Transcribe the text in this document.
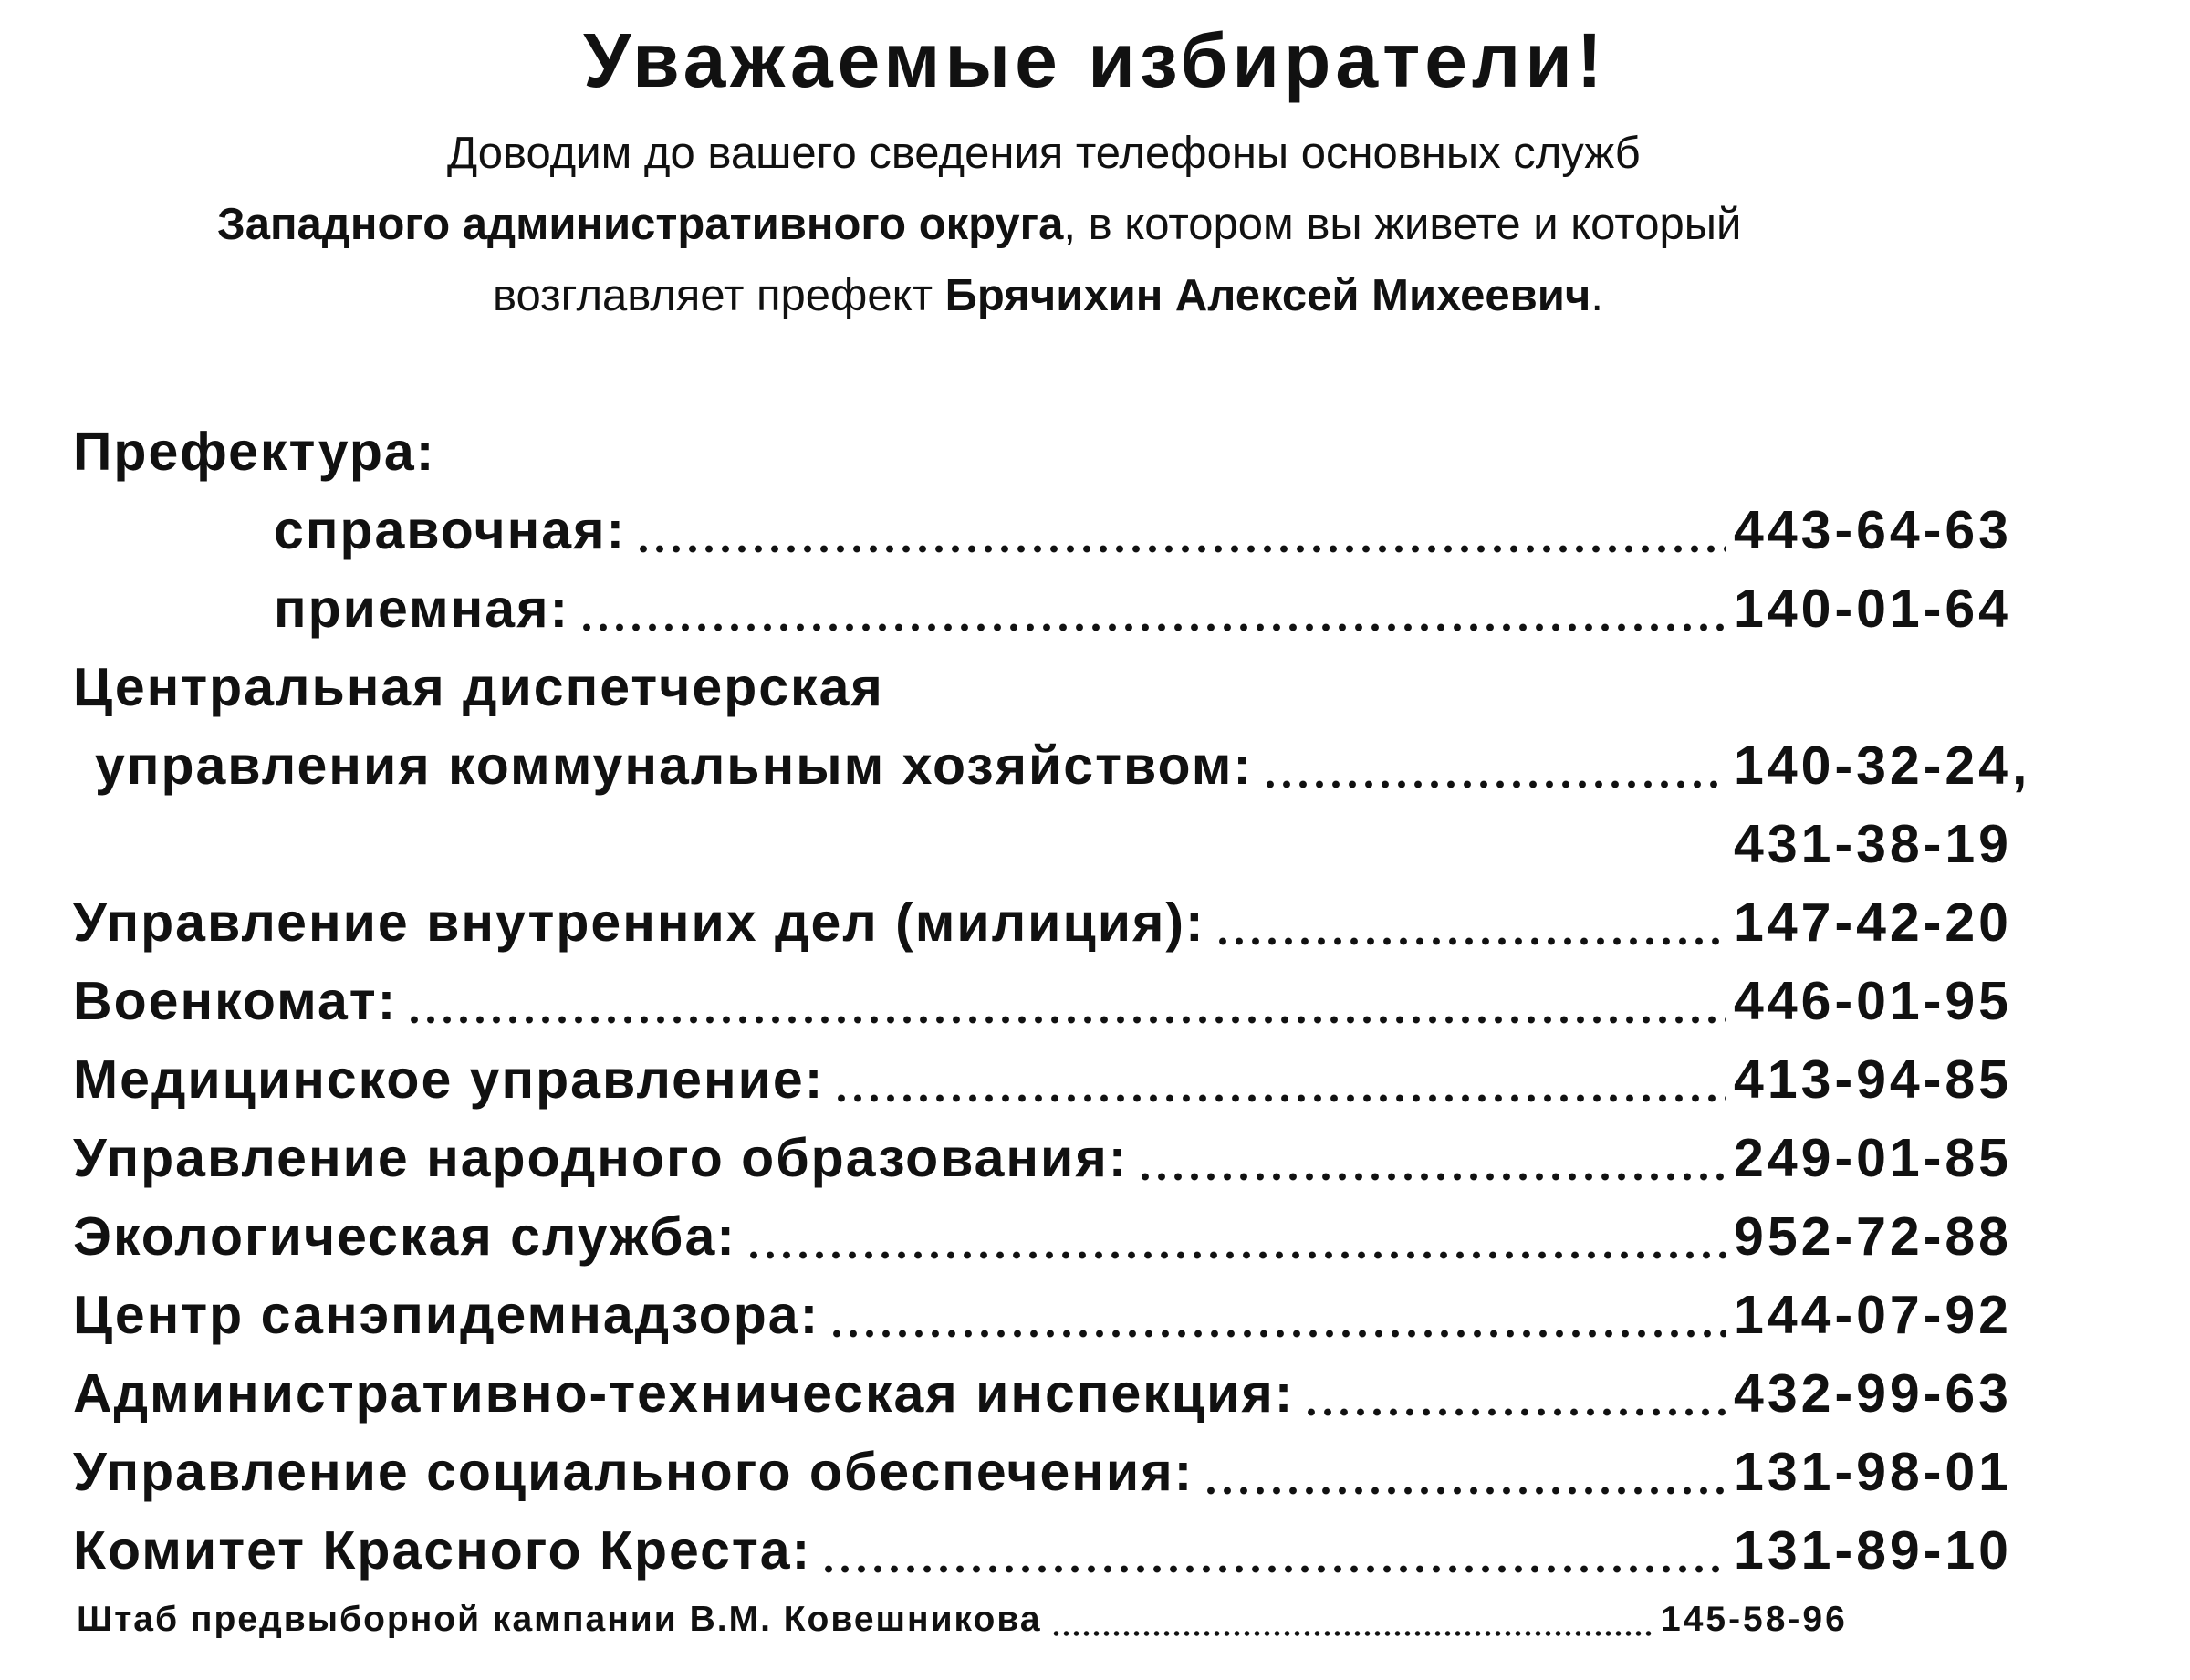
Уважаемые избиратели!
Доводим до вашего сведения телефоны основных служб
Западного административного округа, в котором вы живете и который
возглавляет префект Брячихин Алексей Михеевич.
Префектура:
справочная:	443-64-63
приемная:	140-01-64
Центральная диспетчерская
управления коммунальным хозяйством:	140-32-24,
431-38-19
Управление внутренних дел (милиция):	147-42-20
Военкомат:	446-01-95
Медицинское управление:	413-94-85
Управление народного образования:	249-01-85
Экологическая служба:	952-72-88
Центр санэпидемнадзора:	144-07-92
Административно-техническая инспекция:	432-99-63
Управление социального обеспечения:	131-98-01
Комитет Красного Креста:	131-89-10
Штаб предвыборной кампании В.М. Ковешникова	145-58-96
